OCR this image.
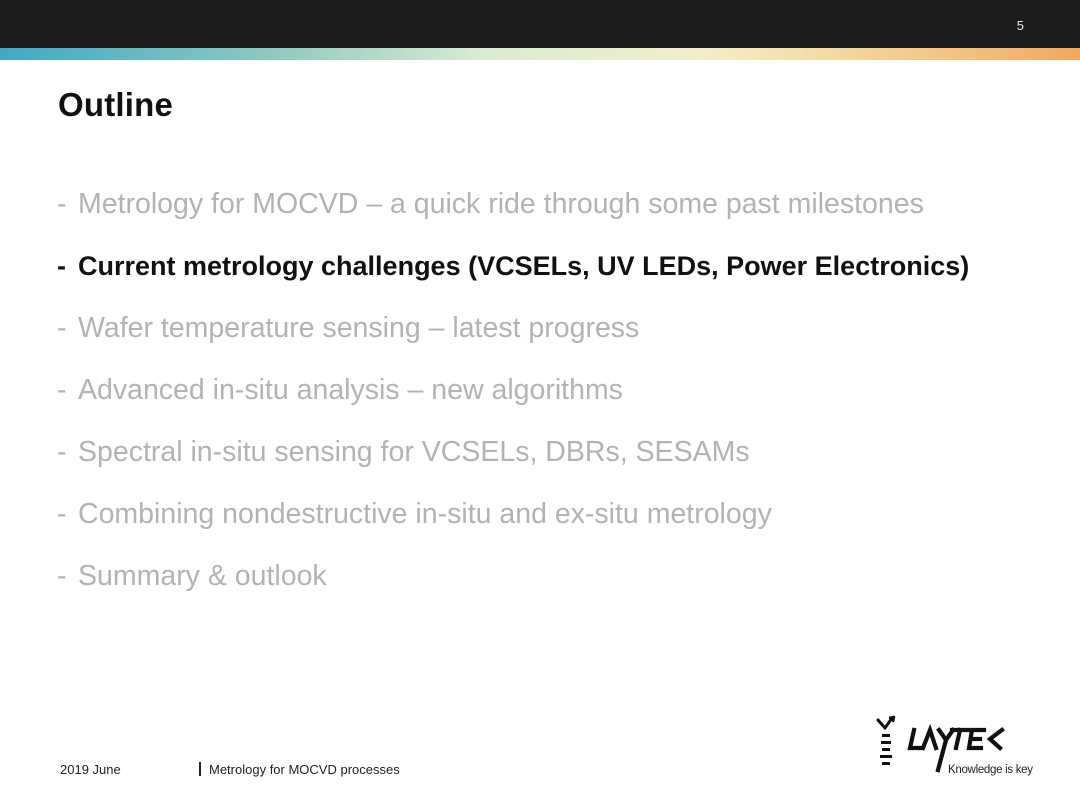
5
Outline
- Metrology for MOCVD – a quick ride through some past milestones
- Current metrology challenges (VCSELs, UV LEDs, Power Electronics)
- Wafer temperature sensing – latest progress
- Advanced in-situ analysis – new algorithms
- Spectral in-situ sensing for VCSELs, DBRs, SESAMs
- Combining nondestructive in-situ and ex-situ metrology
- Summary & outlook
2019 June	Metrology for MOCVD processes	Knowledge is key
